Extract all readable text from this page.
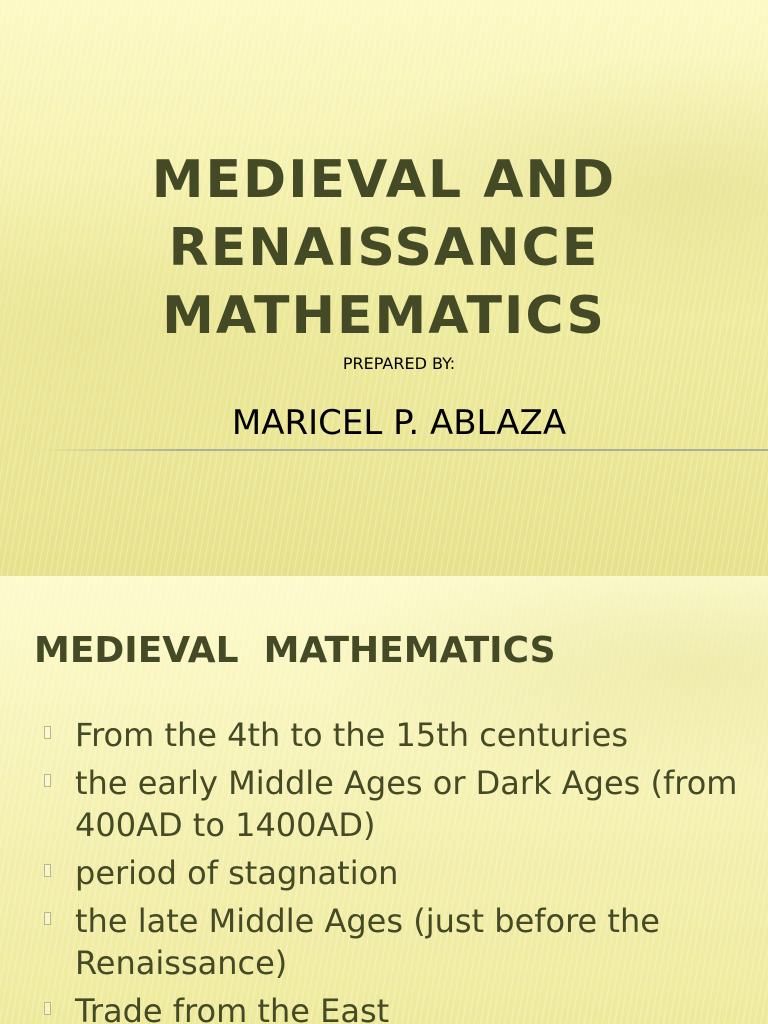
MEDIEVAL AND
RENAISSANCE
MATHEMATICS
PREPARED BY:
MARICEL P. ABLAZA
MEDIEVAL  MATHEMATICS
From the 4th to the 15th centuries
the early Middle Ages or Dark Ages (from 400AD to 1400AD)
period of stagnation
the late Middle Ages (just before the Renaissance)
Trade from the East
